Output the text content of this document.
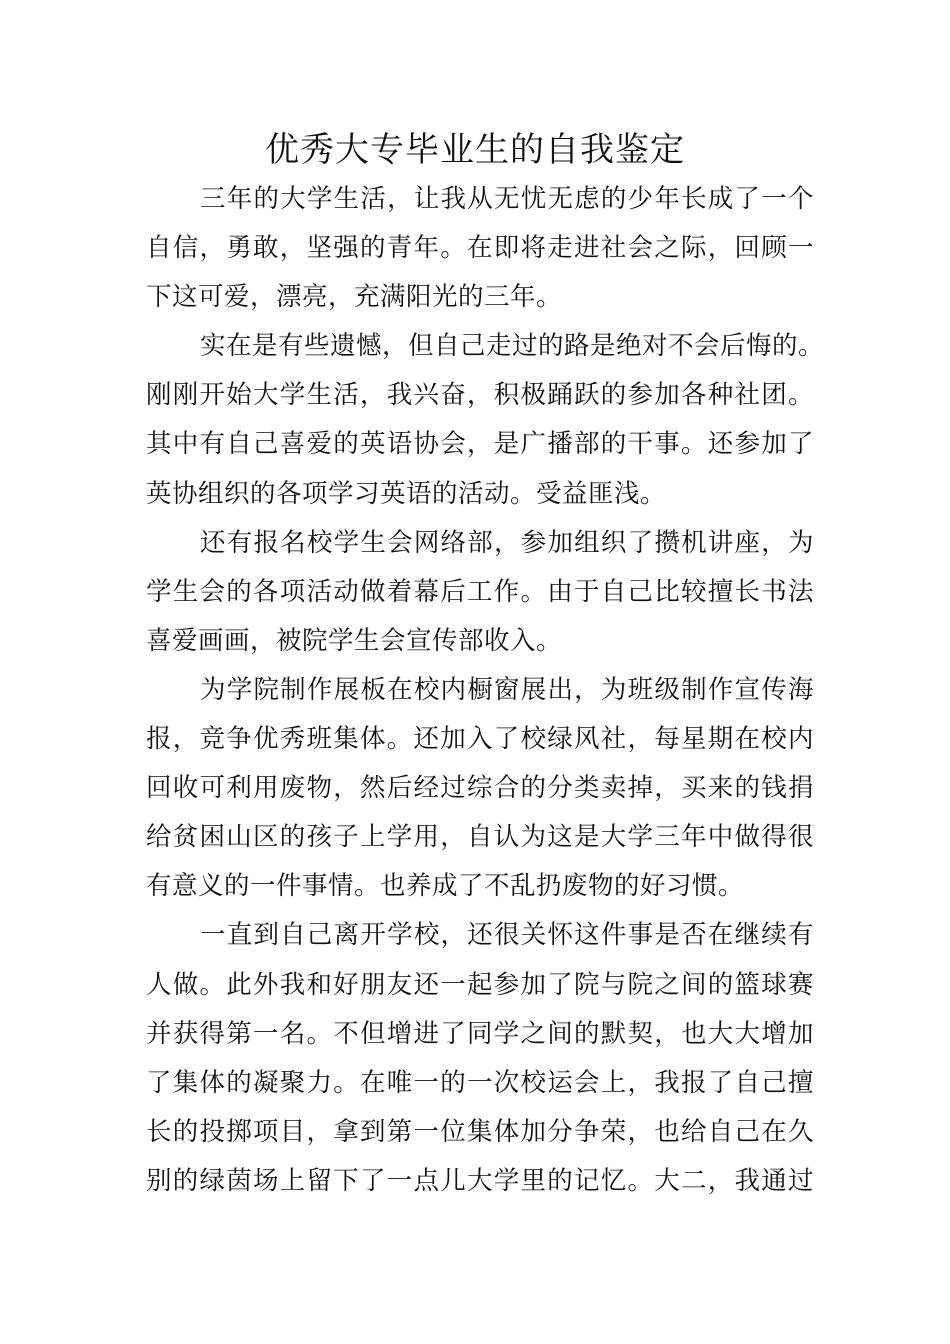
优秀大专毕业生的自我鉴定
三年的大学生活，让我从无忧无虑的少年长成了一个
自信，勇敢，坚强的青年。在即将走进社会之际，回顾一
下这可爱，漂亮，充满阳光的三年。
实在是有些遗憾，但自己走过的路是绝对不会后悔的。
刚刚开始大学生活，我兴奋，积极踊跃的参加各种社团。
其中有自己喜爱的英语协会，是广播部的干事。还参加了
英协组织的各项学习英语的活动。受益匪浅。
还有报名校学生会网络部，参加组织了攒机讲座，为
学生会的各项活动做着幕后工作。由于自己比较擅长书法
喜爱画画，被院学生会宣传部收入。
为学院制作展板在校内橱窗展出，为班级制作宣传海
报，竞争优秀班集体。还加入了校绿风社，每星期在校内
回收可利用废物，然后经过综合的分类卖掉，买来的钱捐
给贫困山区的孩子上学用，自认为这是大学三年中做得很
有意义的一件事情。也养成了不乱扔废物的好习惯。
一直到自己离开学校，还很关怀这件事是否在继续有
人做。此外我和好朋友还一起参加了院与院之间的篮球赛
并获得第一名。不但增进了同学之间的默契，也大大增加
了集体的凝聚力。在唯一的一次校运会上，我报了自己擅
长的投掷项目，拿到第一位集体加分争荣，也给自己在久
别的绿茵场上留下了一点儿大学里的记忆。大二，我通过
